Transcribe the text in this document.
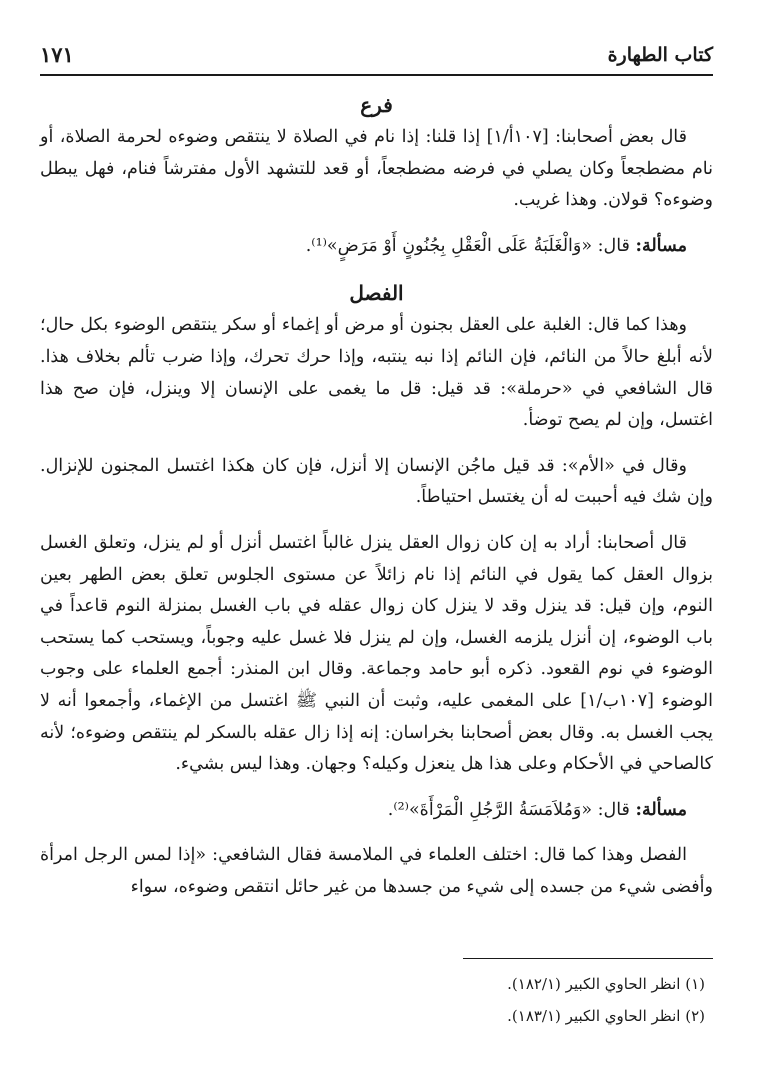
كتاب الطهارة
١٧١

فرع

قال بعض أصحابنا: [١٠٧أ/١] إذا قلنا: إذا نام في الصلاة لا ينتقص وضوءه لحرمة الصلاة، أو نام مضطجعاً وكان يصلي في فرضه مضطجعاً، أو قعد للتشهد الأول مفترشاً فنام، فهل يبطل وضوءه؟ قولان. وهذا غريب.

مسألة: قال: «وَالْغَلَبَةُ عَلَى الْعَقْلِ بِجُنُونٍ أَوْ مَرَضٍ»⁽¹⁾.

الفصل

وهذا كما قال: الغلبة على العقل بجنون أو مرض أو إغماء أو سكر ينتقص الوضوء بكل حال؛ لأنه أبلغ حالاً من النائم، فإن النائم إذا نبه ينتبه، وإذا حرك تحرك، وإذا ضرب تألم بخلاف هذا. قال الشافعي في «حرملة»: قد قيل: قل ما يغمى على الإنسان إلا وينزل، فإن صح هذا اغتسل، وإن لم يصح توضأ.

وقال في «الأم»: قد قيل ماجُن الإنسان إلا أنزل، فإن كان هكذا اغتسل المجنون للإنزال. وإن شك فيه أحببت له أن يغتسل احتياطاً.

قال أصحابنا: أراد به إن كان زوال العقل ينزل غالباً اغتسل أنزل أو لم ينزل، وتعلق الغسل بزوال العقل كما يقول في النائم إذا نام زائلاً عن مستوى الجلوس تعلق بعض الطهر بعين النوم، وإن قيل: قد ينزل وقد لا ينزل كان زوال عقله في باب الغسل بمنزلة النوم قاعداً في باب الوضوء، إن أنزل يلزمه الغسل، وإن لم ينزل فلا غسل عليه وجوباً، ويستحب كما يستحب الوضوء في نوم القعود. ذكره أبو حامد وجماعة. وقال ابن المنذر: أجمع العلماء على وجوب الوضوء [١٠٧ب/١] على المغمى عليه، وثبت أن النبي ﷺ اغتسل من الإغماء، وأجمعوا أنه لا يجب الغسل به. وقال بعض أصحابنا بخراسان: إنه إذا زال عقله بالسكر لم ينتقص وضوءه؛ لأنه كالصاحي في الأحكام وعلى هذا هل ينعزل وكيله؟ وجهان. وهذا ليس بشيء.

مسألة: قال: «وَمُلاَمَسَةُ الرَّجُلِ الْمَرْأَةَ»⁽²⁾.

الفصل وهذا كما قال: اختلف العلماء في الملامسة فقال الشافعي: «إذا لمس الرجل امرأة وأفضى شيء من جسده إلى شيء من جسدها من غير حائل انتقص وضوءه، سواء

(١) انظر الحاوي الكبير (١٨٢/١).

(٢) انظر الحاوي الكبير (١٨٣/١).
